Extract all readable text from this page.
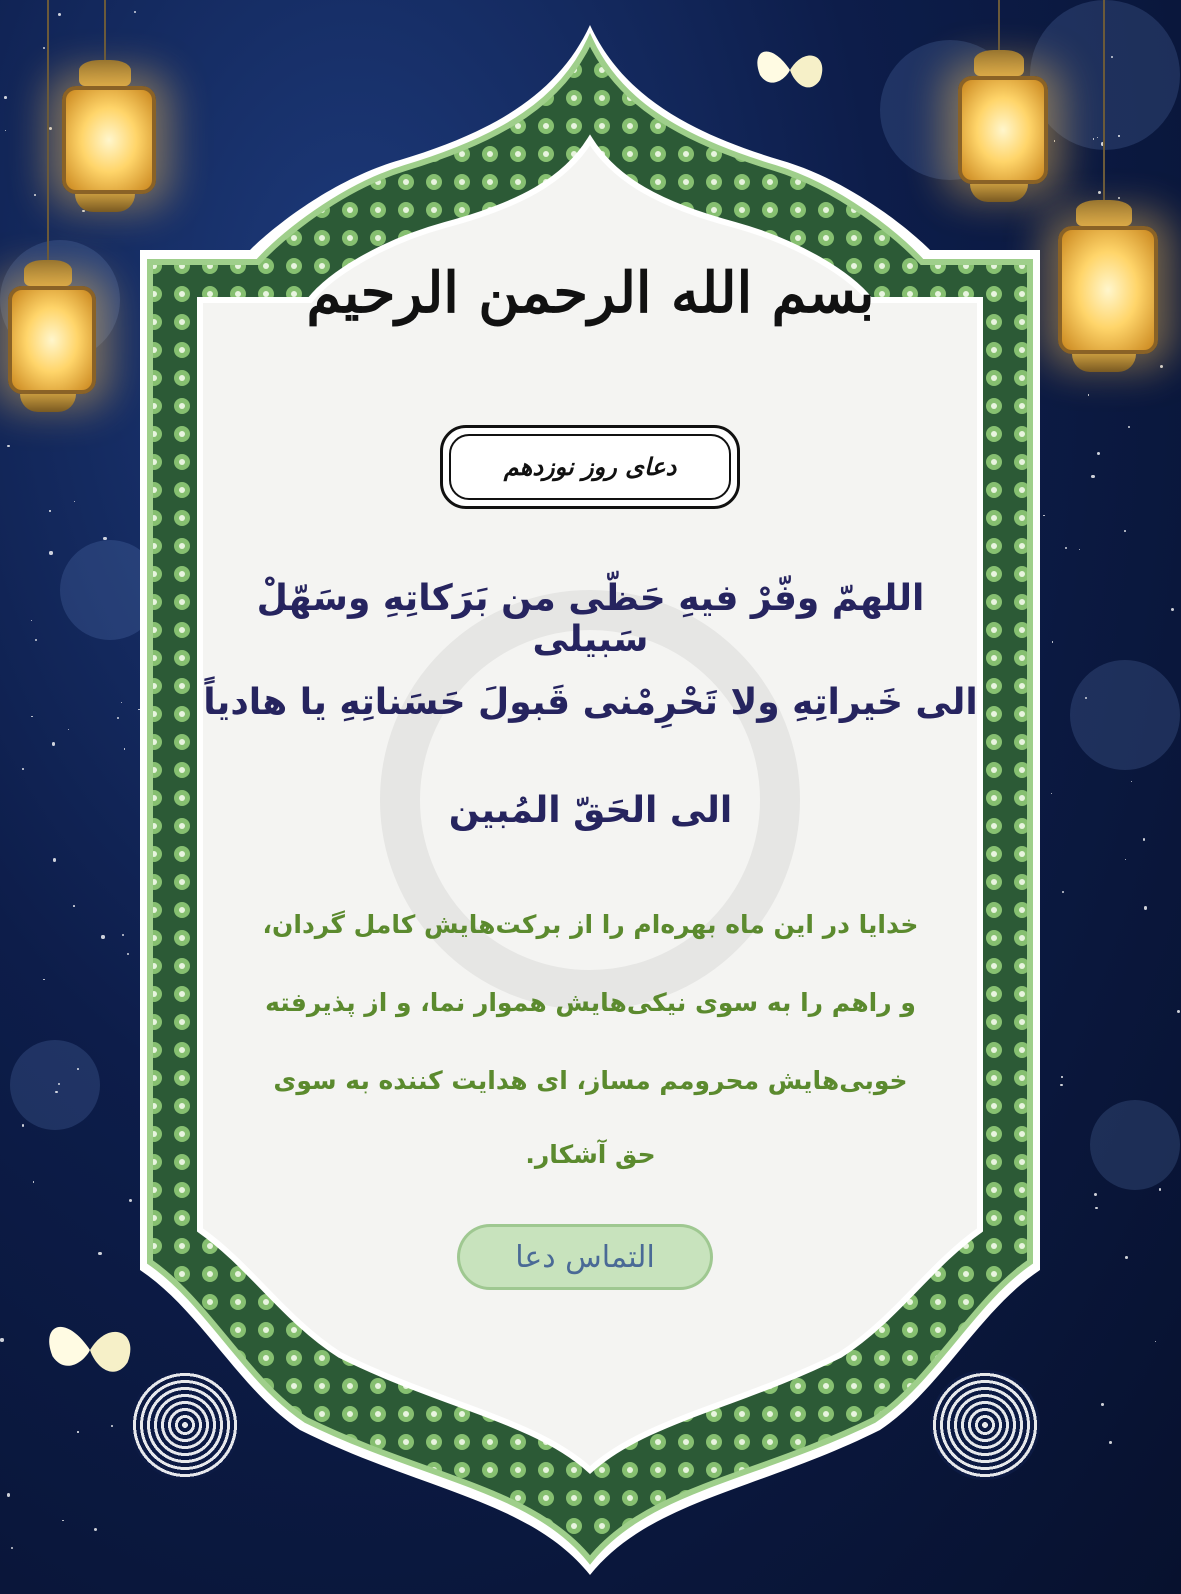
بسم الله الرحمن الرحیم
دعای روز نوزدهم
اللهمّ وفّرْ فیهِ حَظّی من بَرَکاتِهِ وسَهّلْ سَبیلی
الی خَیراتِهِ ولا تَحْرِمْنی قَبولَ حَسَناتِهِ یا هادیاً
الی الحَقّ المُبین
خدایا در این ماه بهره‌ام را از برکت‌هایش کامل گردان،
و راهم را به سوی نیکی‌هایش هموار نما، و از پذیرفته
خوبی‌هایش محرومم مساز، ای هدایت کننده به سوی
حق آشکار.
التماس دعا
